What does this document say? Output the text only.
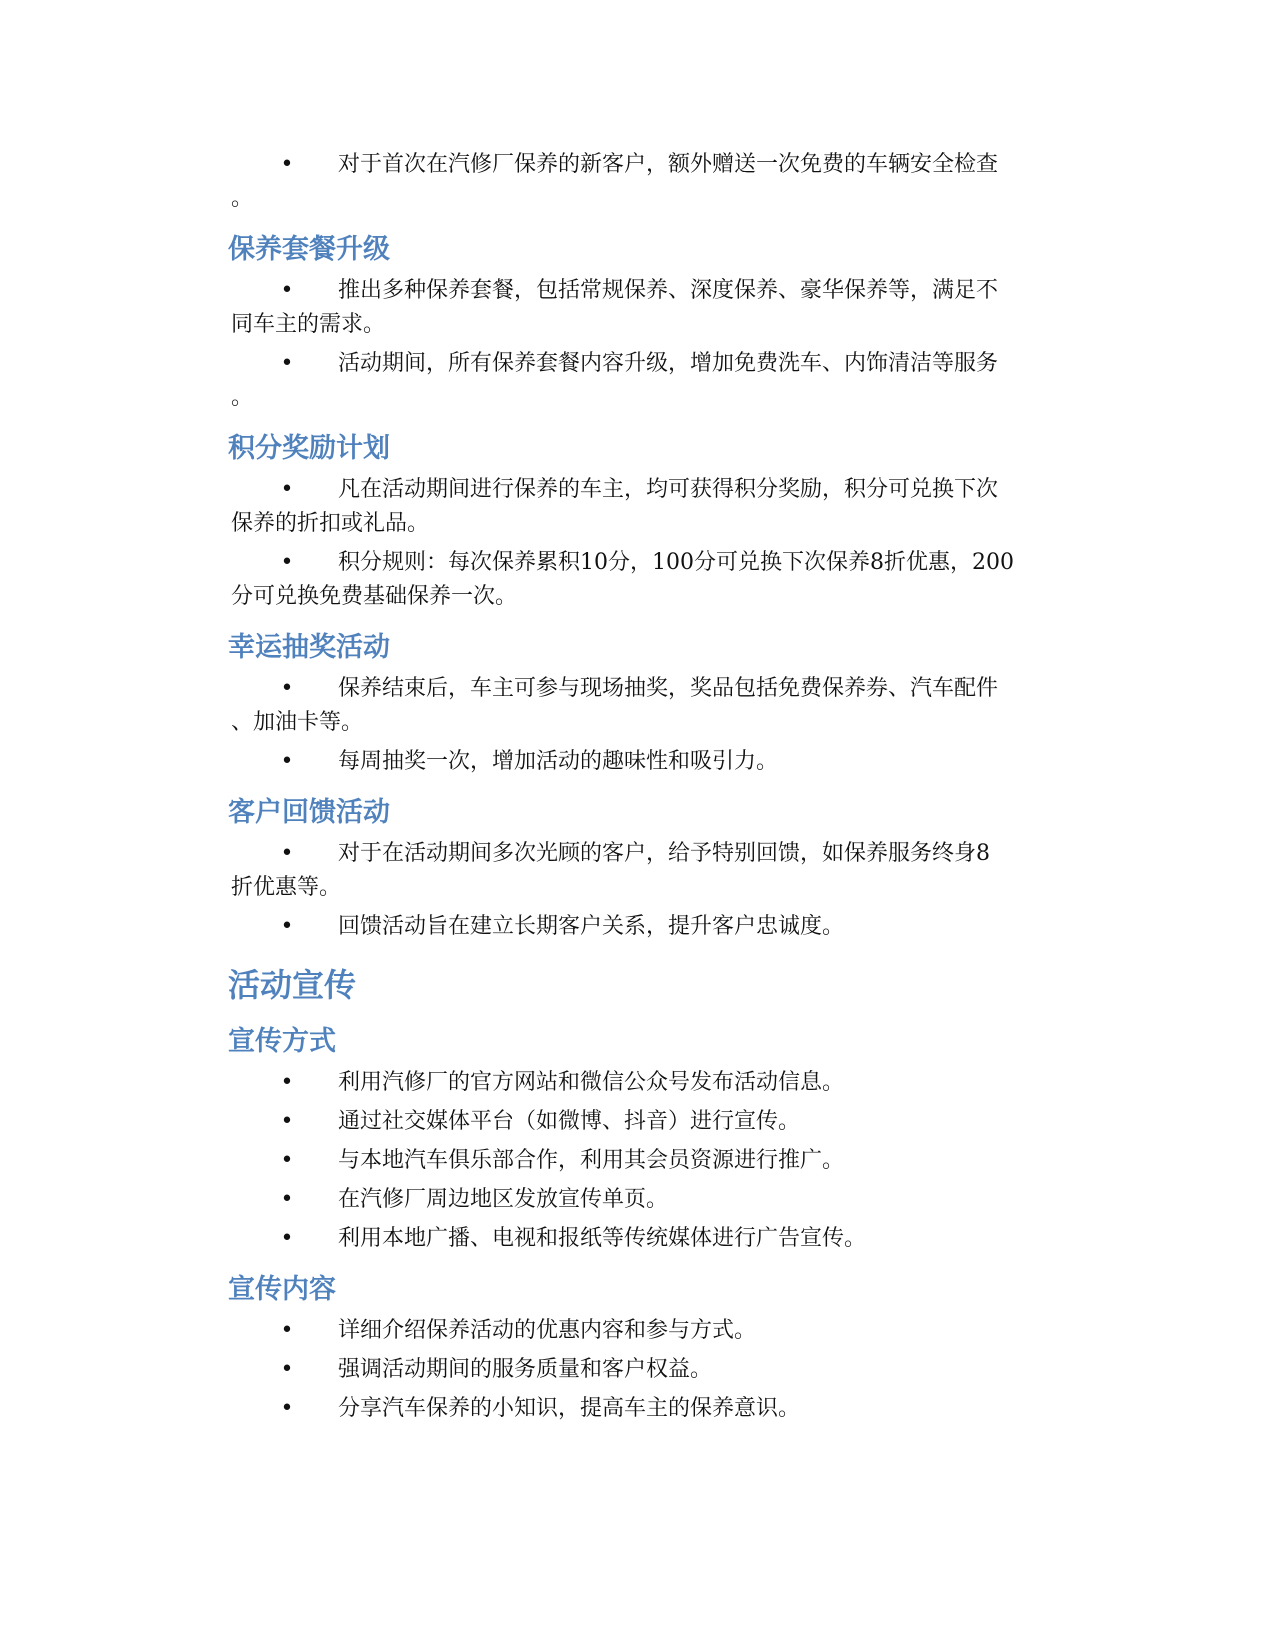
• 对于首次在汽修厂保养的新客户，额外赠送一次免费的车辆安全检查
。
保养套餐升级
• 推出多种保养套餐，包括常规保养、深度保养、豪华保养等，满足不
同车主的需求。
• 活动期间，所有保养套餐内容升级，增加免费洗车、内饰清洁等服务
。
积分奖励计划
• 凡在活动期间进行保养的车主，均可获得积分奖励，积分可兑换下次
保养的折扣或礼品。
• 积分规则：每次保养累积10分，100分可兑换下次保养8折优惠，200
分可兑换免费基础保养一次。
幸运抽奖活动
• 保养结束后，车主可参与现场抽奖，奖品包括免费保养券、汽车配件
、加油卡等。
• 每周抽奖一次，增加活动的趣味性和吸引力。
客户回馈活动
• 对于在活动期间多次光顾的客户，给予特别回馈，如保养服务终身8
折优惠等。
• 回馈活动旨在建立长期客户关系，提升客户忠诚度。
活动宣传
宣传方式
• 利用汽修厂的官方网站和微信公众号发布活动信息。
• 通过社交媒体平台（如微博、抖音）进行宣传。
• 与本地汽车俱乐部合作，利用其会员资源进行推广。
• 在汽修厂周边地区发放宣传单页。
• 利用本地广播、电视和报纸等传统媒体进行广告宣传。
宣传内容
• 详细介绍保养活动的优惠内容和参与方式。
• 强调活动期间的服务质量和客户权益。
• 分享汽车保养的小知识，提高车主的保养意识。
